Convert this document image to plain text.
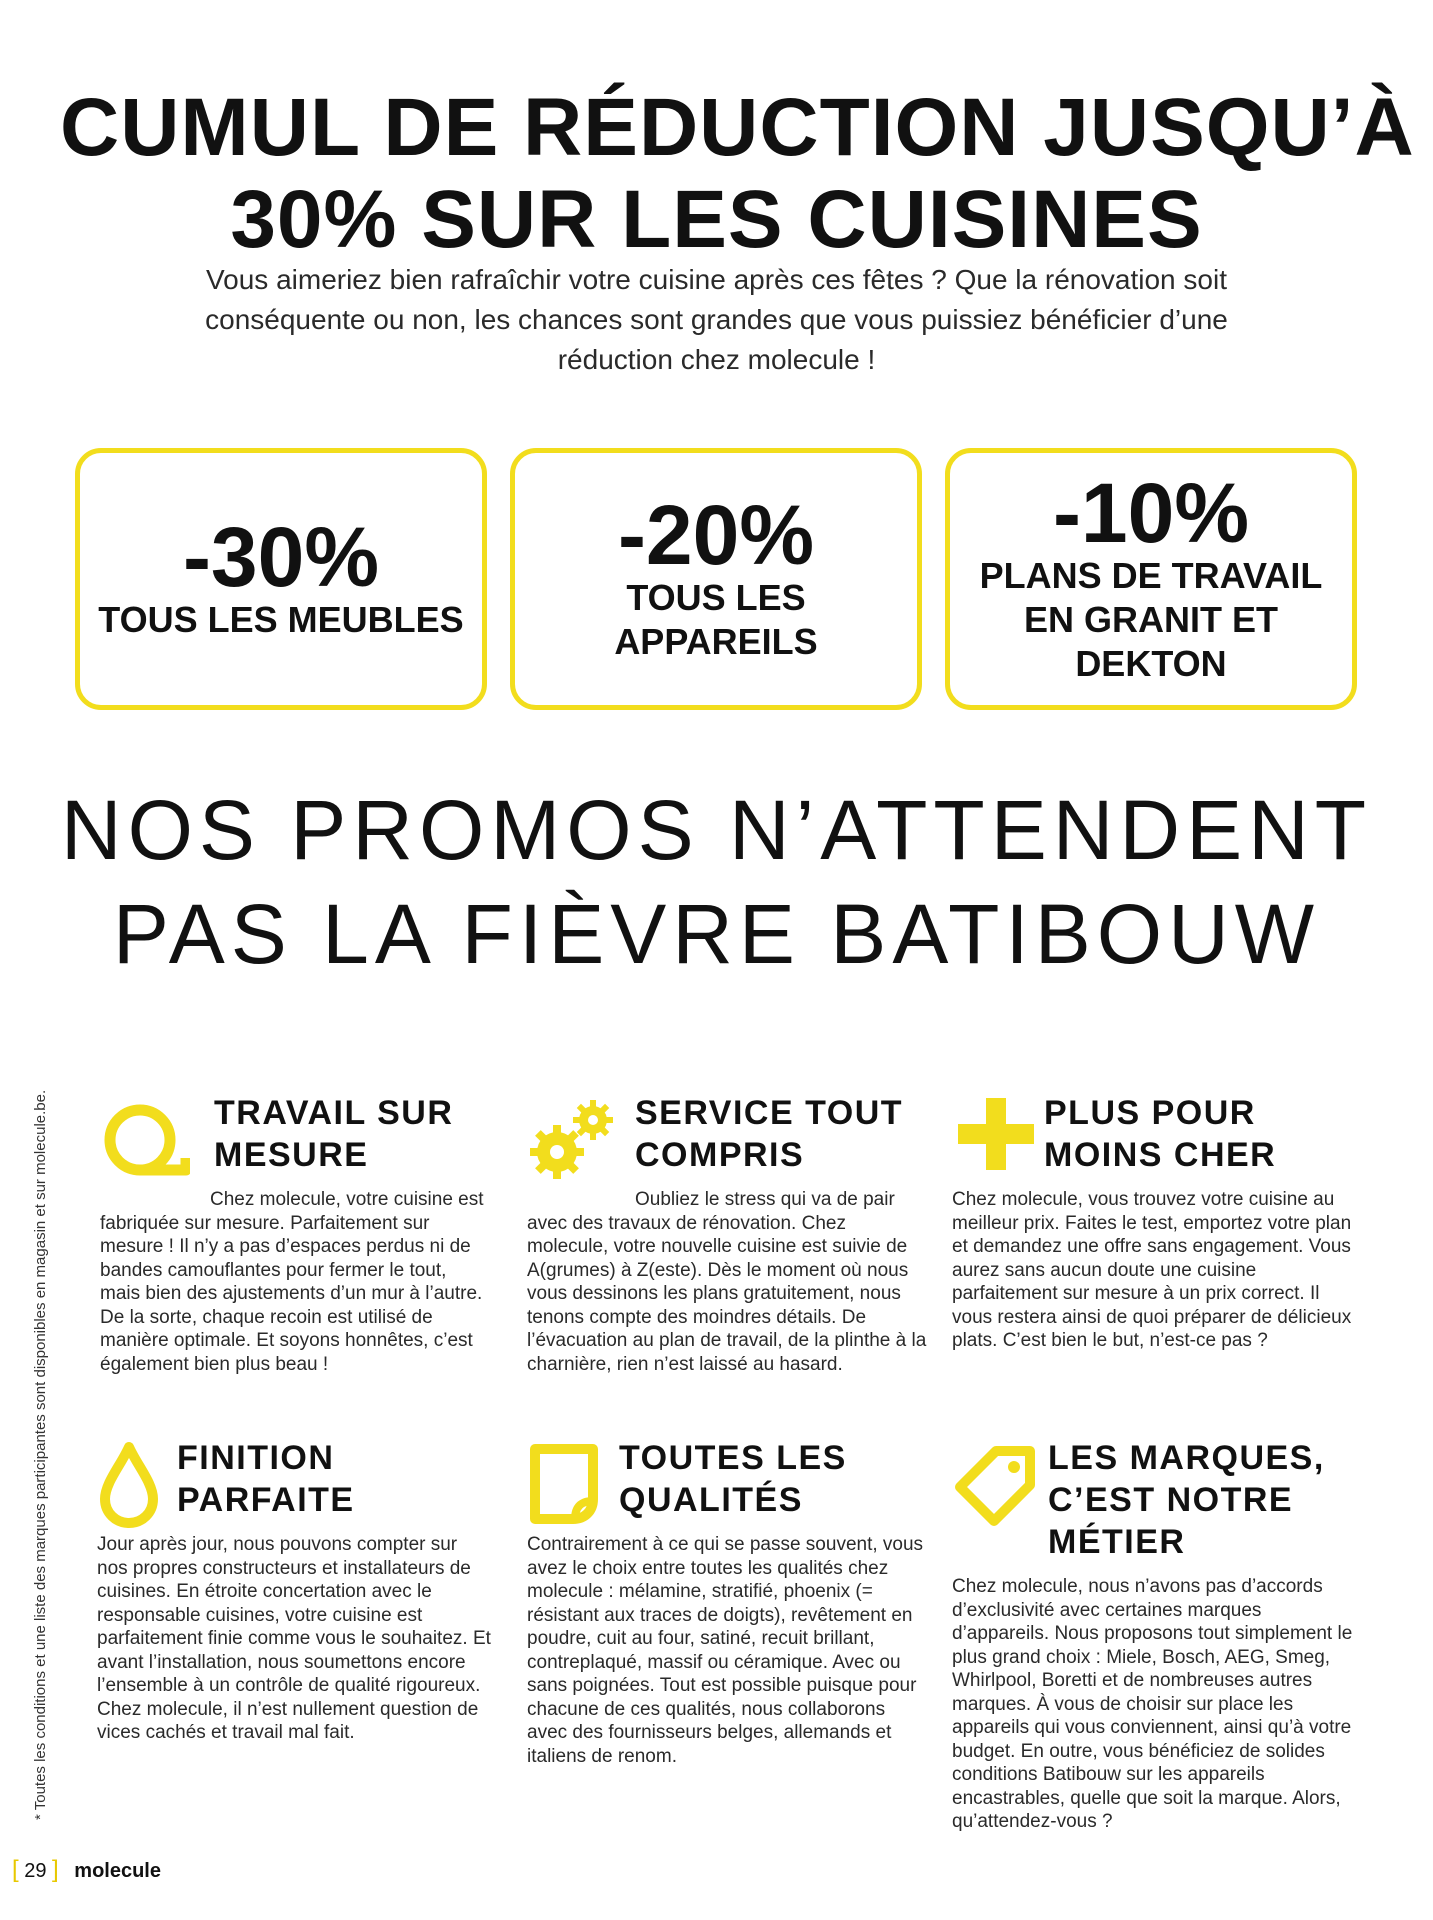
CUMUL DE RÉDUCTION JUSQU’À
30% SUR LES CUISINES
Vous aimeriez bien rafraîchir votre cuisine après ces fêtes ? Que la rénovation soit conséquente ou non, les chances sont grandes que vous puissiez bénéficier d’une réduction chez molecule !
-30%
TOUS LES MEUBLES
-20%
TOUS LES APPAREILS
-10%
PLANS DE TRAVAIL EN GRANIT ET DEKTON
NOS PROMOS N’ATTENDENT
PAS LA FIÈVRE BATIBOUW
* Toutes les conditions et une liste des marques participantes sont disponibles en magasin et sur molecule.be.	TRAVAIL SUR
MESURE
Chez molecule, votre cuisine est fabriquée sur mesure. Parfaitement sur mesure ! Il n’y a pas d’espaces perdus ni de bandes camouflantes pour fermer le tout, mais bien des ajustements d’un mur à l’autre. De la sorte, chaque recoin est utilisé de manière optimale. Et soyons honnêtes, c’est également bien plus beau !
SERVICE TOUT
COMPRIS
Oubliez le stress qui va de pair avec des travaux de rénovation. Chez molecule, votre nouvelle cuisine est suivie de A(grumes) à Z(este). Dès le moment où nous vous dessinons les plans gratuitement, nous tenons compte des moindres détails. De l’évacuation au plan de travail, de la plinthe à la charnière, rien n’est laissé au hasard.
PLUS POUR
MOINS CHER
Chez molecule, vous trouvez votre cuisine au meilleur prix. Faites le test, emportez votre plan et demandez une offre sans engagement. Vous aurez sans aucun doute une cuisine parfaitement sur mesure à un prix correct. Il vous restera ainsi de quoi préparer de délicieux plats. C’est bien le but, n’est-ce pas ?
FINITION
PARFAITE
Jour après jour, nous pouvons compter sur nos propres constructeurs et installateurs de cuisines. En étroite concertation avec le responsable cuisines, votre cuisine est parfaitement finie comme vous le souhaitez. Et avant l’installation, nous soumettons encore l’ensemble à un contrôle de qualité rigoureux. Chez molecule, il n’est nullement question de vices cachés et travail mal fait.
TOUTES LES
QUALITÉS
Contrairement à ce qui se passe souvent, vous avez le choix entre toutes les qualités chez molecule : mélamine, stratifié, phoenix (= résistant aux traces de doigts), revêtement en poudre, cuit au four, satiné, recuit brillant, contreplaqué, massif ou céramique. Avec ou sans poignées. Tout est possible puisque pour chacune de ces qualités, nous collaborons avec des fournisseurs belges, allemands et italiens de renom.
LES MARQUES,
C’EST NOTRE
MÉTIER
Chez molecule, nous n’avons pas d’accords d’exclusivité avec certaines marques d’appareils. Nous proposons tout simplement le plus grand choix : Miele, Bosch, AEG, Smeg, Whirlpool, Boretti et de nombreuses autres marques. À vous de choisir sur place les appareils qui vous conviennent, ainsi qu’à votre budget. En outre, vous bénéficiez de solides conditions Batibouw sur les appareils encastrables, quelle que soit la marque. Alors, qu’attendez-vous ?
[ 29 ] molecule
